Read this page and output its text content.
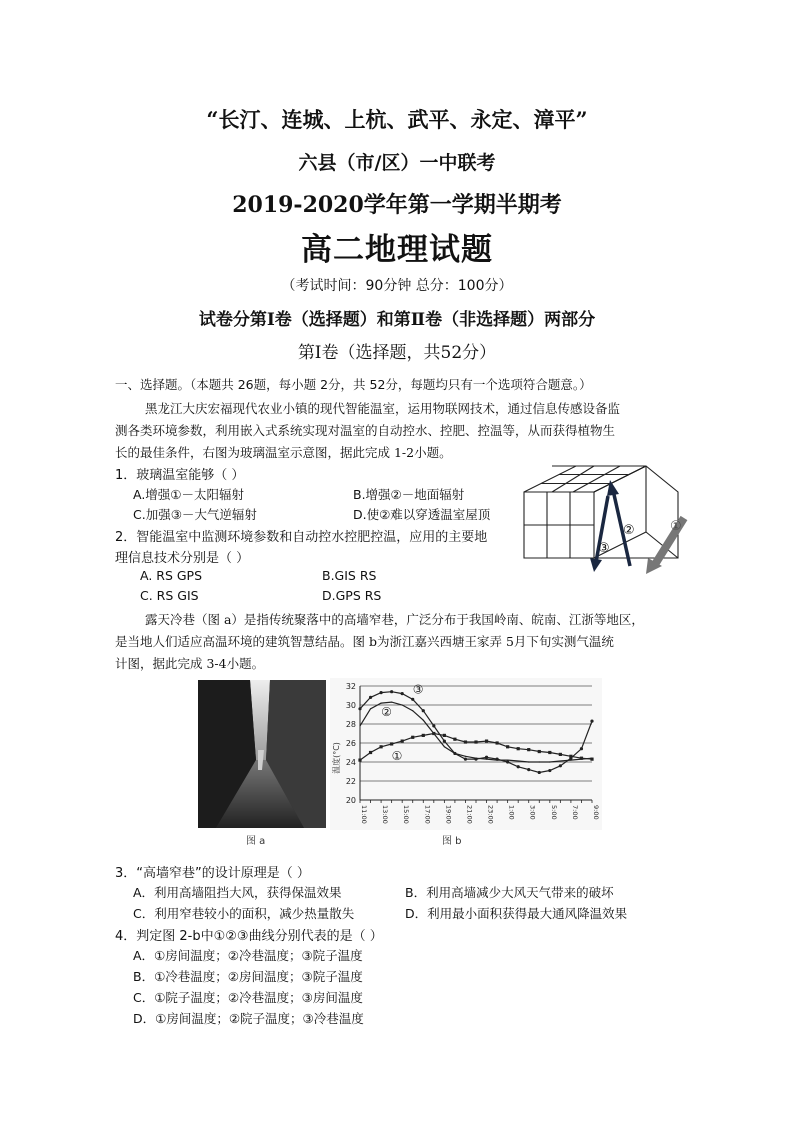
“长汀、连城、上杭、武平、永定、漳平”
六县（市/区）一中联考
2019-2020学年第一学期半期考
高二地理试题
（考试时间：90分钟 总分：100分）
试卷分第Ⅰ卷（选择题）和第Ⅱ卷（非选择题）两部分
第Ⅰ卷（选择题，共52分）
一、选择题。（本题共 26题，每小题 2分，共 52分，每题均只有一个选项符合题意。）
黑龙江大庆宏福现代农业小镇的现代智能温室，运用物联网技术，通过信息传感设备监
测各类环境参数，利用嵌入式系统实现对温室的自动控水、控肥、控温等，从而获得植物生
长的最佳条件，右图为玻璃温室示意图，据此完成 1-2小题。
1．玻璃温室能够（ ）
A.增强①－太阳辐射	B.增强②－地面辐射
C.加强③－大气逆辐射	D.使②难以穿透温室屋顶
2．智能温室中监测环境参数和自动控水控肥控温，应用的主要地
理信息技术分别是（ ）
A. RS GPS	B.GIS RS
C. RS GIS	D.GPS RS
①
②
③
露天冷巷（图 a）是指传统聚落中的高墙窄巷，广泛分布于我国岭南、皖南、江浙等地区，
是当地人们适应高温环境的建筑智慧结晶。图 b为浙江嘉兴西塘王家弄 5月下旬实测气温统
计图，据此完成 3-4小题。
图 a
20
22
24
26
28
30
32
11:00 13:00 15:00 17:00 19:00 21:00 23:00 1:00 3:00 5:00 7:00 9:00
①
②
③
温度(°C)
图 b
3．“高墙窄巷”的设计原理是（ ）
A．利用高墙阻挡大风，获得保温效果	B．利用高墙减少大风天气带来的破坏
C．利用窄巷较小的面积，减少热量散失	D．利用最小面积获得最大通风降温效果
4．判定图 2-b中①②③曲线分别代表的是（ ）
A．①房间温度；②冷巷温度；③院子温度
B．①冷巷温度；②房间温度；③院子温度
C．①院子温度；②冷巷温度；③房间温度
D．①房间温度；②院子温度；③冷巷温度
